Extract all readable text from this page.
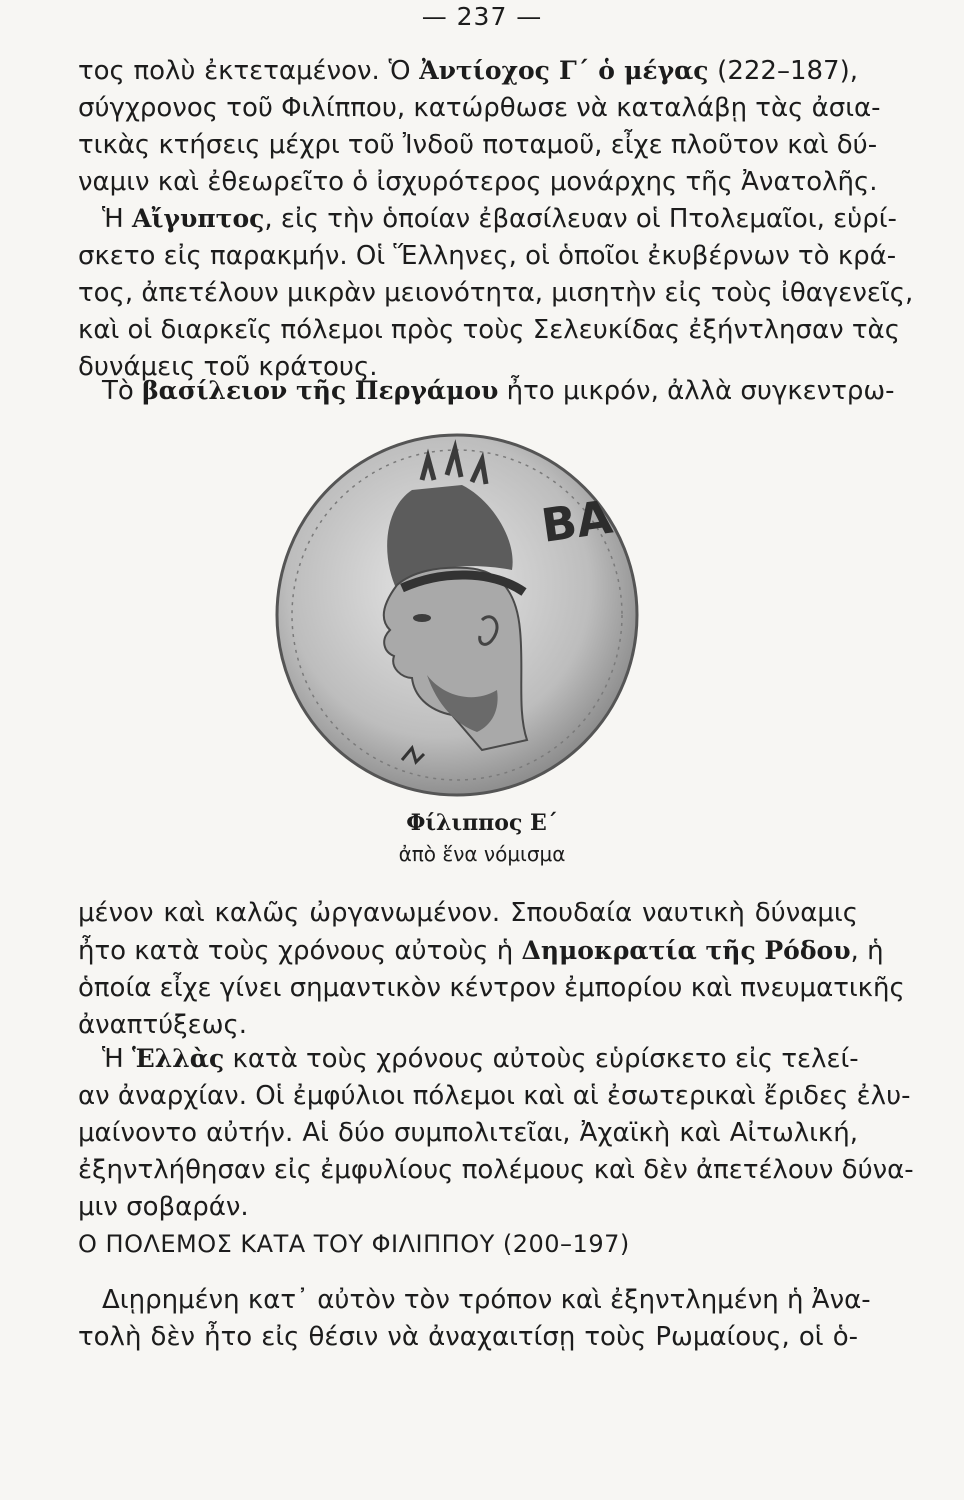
— 237 —
τος πολὺ ἐκτεταμένον. Ὁ Ἀντίοχος Γ΄ ὁ μέγας (222–187),
σύγχρονος τοῦ Φιλίππου, κατώρθωσε νὰ καταλάβῃ τὰς ἀσια-
τικὰς κτήσεις μέχρι τοῦ Ἰνδοῦ ποταμοῦ, εἶχε πλοῦτον καὶ δύ-
ναμιν καὶ ἐθεωρεῖτο ὁ ἰσχυρότερος μονάρχης τῆς Ἀνατολῆς.
Ἡ Αἴγυπτος, εἰς τὴν ὁποίαν ἐβασίλευαν οἱ Πτολεμαῖοι, εὑρί-
σκετο εἰς παρακμήν. Οἱ Ἕλληνες, οἱ ὁποῖοι ἐκυβέρνων τὸ κρά-
τος, ἀπετέλουν μικρὰν μειονότητα, μισητὴν εἰς τοὺς ἰθαγενεῖς,
καὶ οἱ διαρκεῖς πόλεμοι πρὸς τοὺς Σελευκίδας ἐξήντλησαν τὰς
δυνάμεις τοῦ κράτους.
Τὸ βασίλειον τῆς Περγάμου ἦτο μικρόν, ἀλλὰ συγκεντρω-
ΒΑ
Φίλιππος Ε΄
ἀπὸ ἕνα νόμισμα
μένον καὶ καλῶς ὠργανωμένον. Σπουδαία ναυτικὴ δύναμις
ἦτο κατὰ τοὺς χρόνους αὐτοὺς ἡ Δημοκρατία τῆς Ρόδου, ἡ
ὁποία εἶχε γίνει σημαντικὸν κέντρον ἐμπορίου καὶ πνευματικῆς
ἀναπτύξεως.
Ἡ Ἑλλὰς κατὰ τοὺς χρόνους αὐτοὺς εὑρίσκετο εἰς τελεί-
αν ἀναρχίαν. Οἱ ἐμφύλιοι πόλεμοι καὶ αἱ ἐσωτερικαὶ ἔριδες ἐλυ-
μαίνοντο αὐτήν. Αἱ δύο συμπολιτεῖαι, Ἀχαϊκὴ καὶ Αἰτωλική,
ἐξηντλήθησαν εἰς ἐμφυλίους πολέμους καὶ δὲν ἀπετέλουν δύνα-
μιν σοβαράν.
Ο ΠΟΛΕΜΟΣ ΚΑΤΑ ΤΟΥ ΦΙΛΙΠΠΟΥ (200–197)
Διῃρημένη κατ᾽ αὐτὸν τὸν τρόπον καὶ ἐξηντλημένη ἡ Ἀνα-
τολὴ δὲν ἦτο εἰς θέσιν νὰ ἀναχαιτίσῃ τοὺς Ρωμαίους, οἱ ὁ-
